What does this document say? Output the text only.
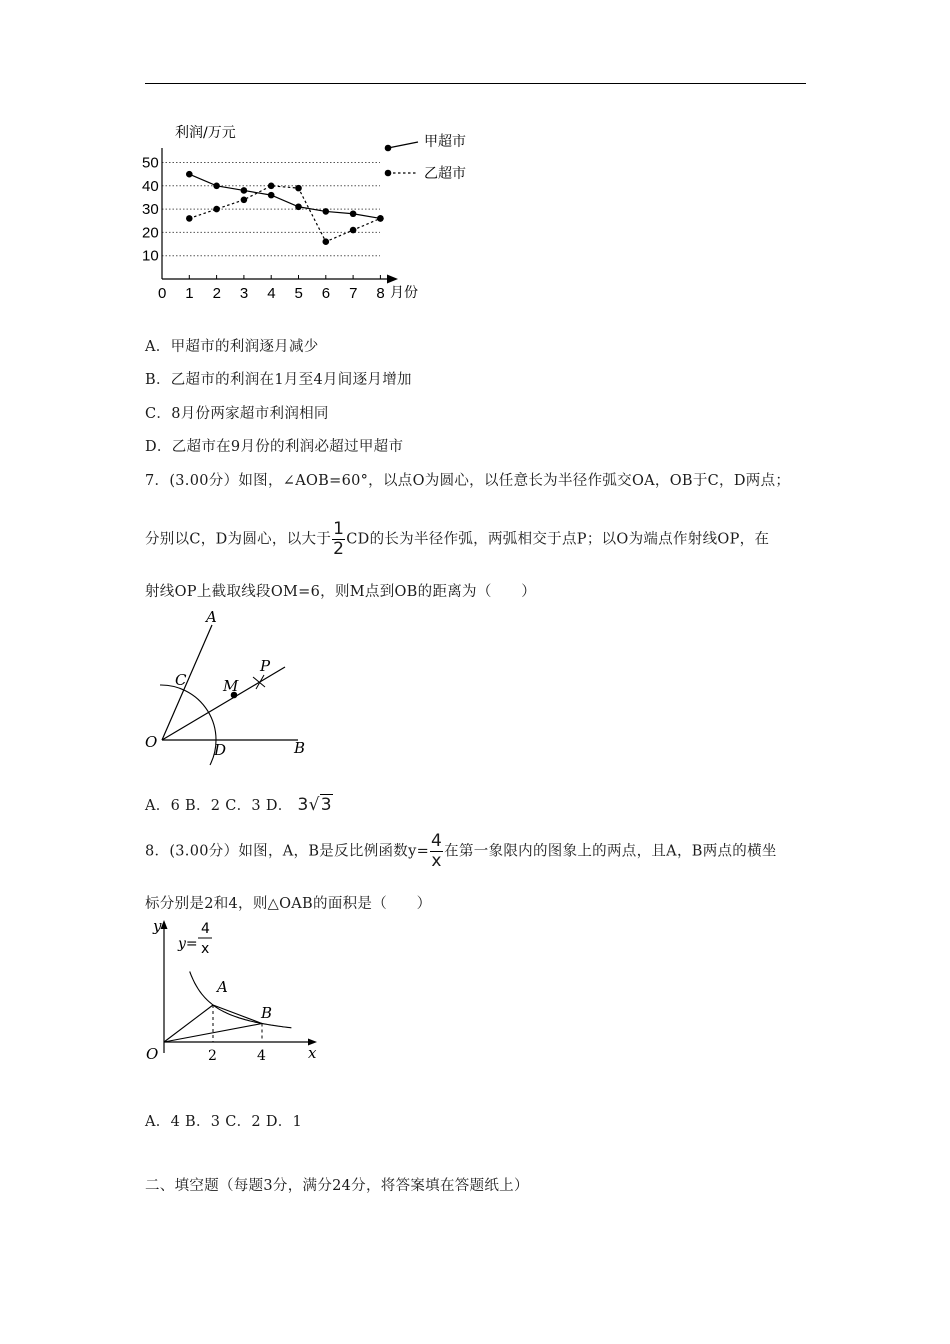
10
20
30
40
50
0 1 2 3 4 5 6 7 8
利润/万元
月份
甲超市
乙超市
A．甲超市的利润逐月减少
B．乙超市的利润在1月至4月间逐月增加
C．8月份两家超市利润相同
D．乙超市在9月份的利润必超过甲超市
7．(3.00分）如图，∠AOB=60°，以点O为圆心，以任意长为半径作弧交OA，OB于C，D两点；
分别以C，D为圆心，以大于 $\frac{1}{2}$ CD的长为半径作弧，两弧相交于点P；以O为端点作射线OP，在
射线OP上截取线段OM=6，则M点到OB的距离为（　　）
A
C M
P
O	D	B
A．6 B．2 C．3 D． 3√3
8．(3.00分）如图，A，B是反比例函数$y= \frac{4}{x}$ 在第一象限内的图象上的两点，且A，B两点的横坐
标分别是2和4，则△OAB的面积是（　　）
y
x
O
A
B
2	4
y=
4
x
A．4 B．3 C．2 D．1
二、填空题（每题3分，满分24分，将答案填在答题纸上）
